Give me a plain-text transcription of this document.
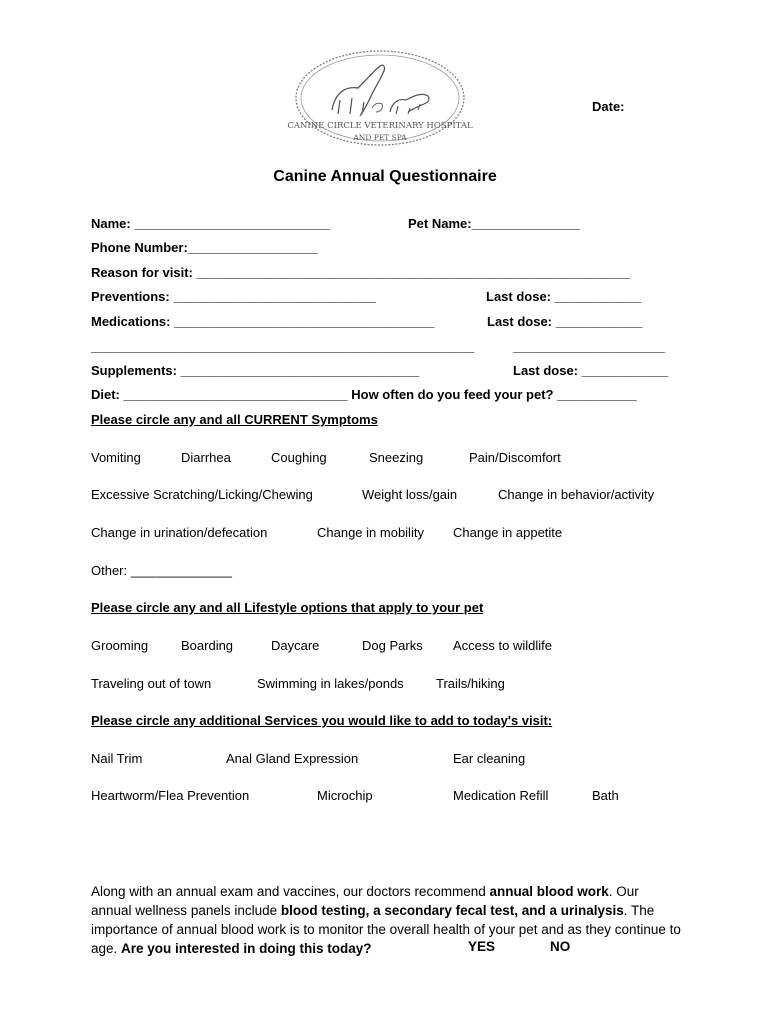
CANINE CIRCLE VETERINARY HOSPITAL
AND PET SPA
Date:
Canine Annual Questionnaire
Name: ___________________________	Pet Name:_______________
Phone Number:__________________
Reason for visit: ____________________________________________________________
Preventions: ____________________________	Last dose: ____________
Medications: ____________________________________	Last dose: ____________
_____________________________________________________	_____________________
Supplements: _________________________________	Last dose: ____________
Diet: _______________________________ How often do you feed your pet? ___________
Please circle any and all CURRENT Symptoms
Vomiting	Diarrhea	Coughing	Sneezing	Pain/Discomfort
Excessive Scratching/Licking/Chewing	Weight loss/gain	Change in behavior/activity
Change in urination/defecation	Change in mobility Change in appetite
Other: ______________
Please circle any and all Lifestyle options that apply to your pet
Grooming	Boarding	Daycare	Dog Parks Access to wildlife
Traveling out of town	Swimming in lakes/ponds Trails/hiking
Please circle any additional Services you would like to add to today's visit:
Nail Trim	Anal Gland Expression	Ear cleaning
Heartworm/Flea Prevention	Microchip	Medication Refill	Bath
Along with an annual exam and vaccines, our doctors recommend annual blood work. Our annual wellness panels include blood testing, a secondary fecal test, and a urinalysis. The importance of annual blood work is to monitor the overall health of your pet and as they continue to age. Are you interested in doing this today?	YES	NO
